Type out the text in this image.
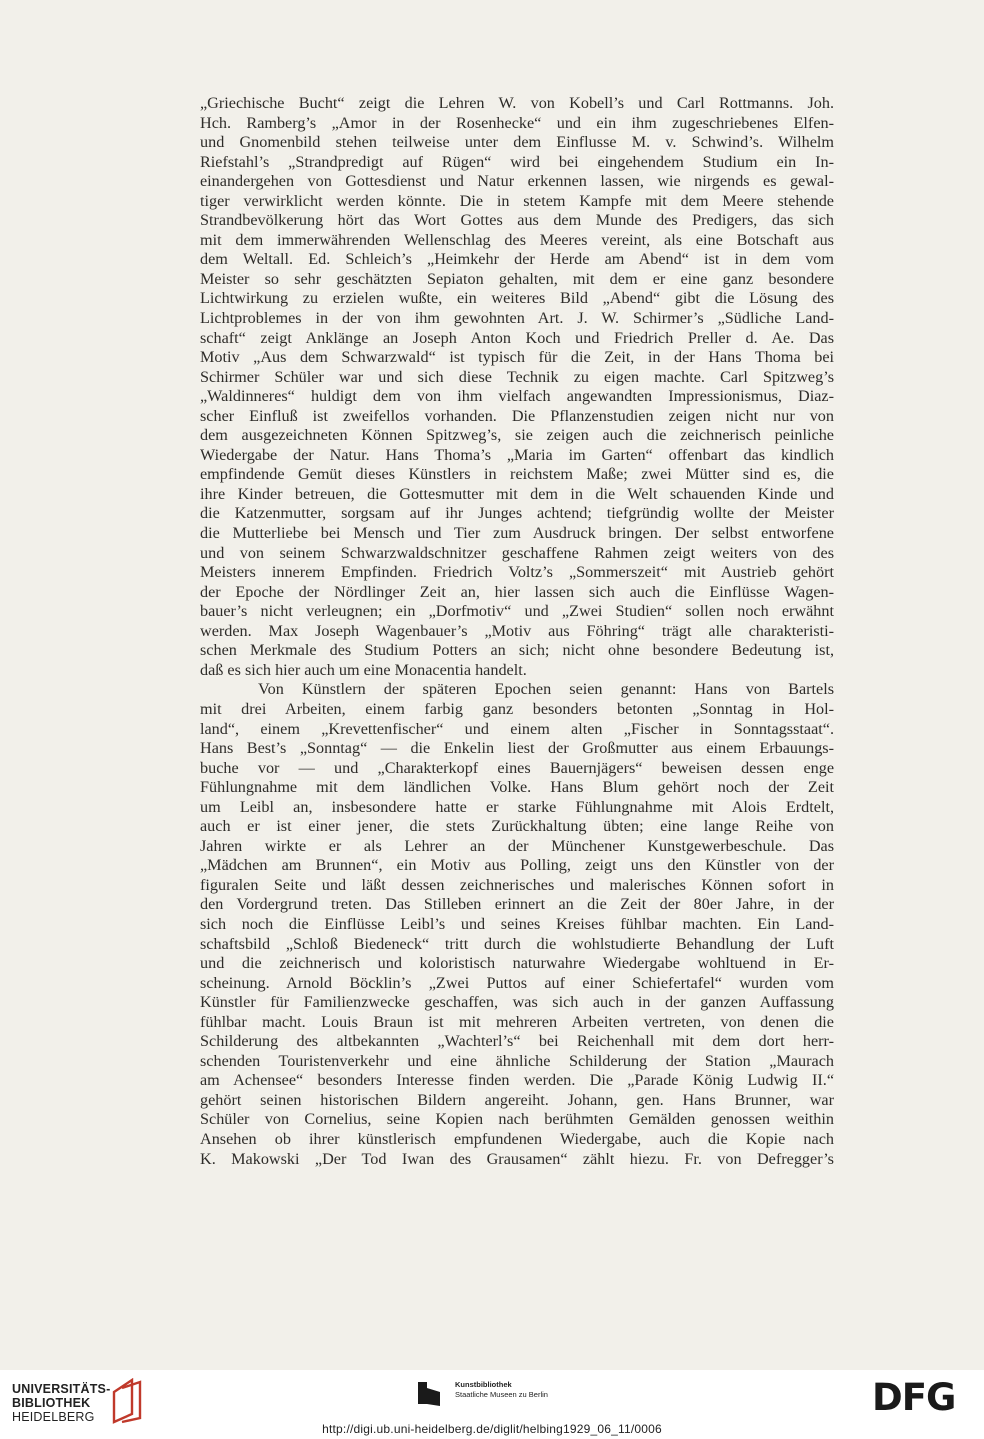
„Griechische Bucht“ zeigt die Lehren W. von Kobell’s und Carl Rottmanns. Joh.
Hch. Ramberg’s „Amor in der Rosenhecke“ und ein ihm zugeschriebenes Elfen-
und Gnomenbild stehen teilweise unter dem Einflusse M. v. Schwind’s. Wilhelm
Riefstahl’s „Strandpredigt auf Rügen“ wird bei eingehendem Studium ein In-
einandergehen von Gottesdienst und Natur erkennen lassen, wie nirgends es gewal-
tiger verwirklicht werden könnte. Die in stetem Kampfe mit dem Meere stehende
Strandbevölkerung hört das Wort Gottes aus dem Munde des Predigers, das sich
mit dem immerwährenden Wellenschlag des Meeres vereint, als eine Botschaft aus
dem Weltall. Ed. Schleich’s „Heimkehr der Herde am Abend“ ist in dem vom
Meister so sehr geschätzten Sepiaton gehalten, mit dem er eine ganz besondere
Lichtwirkung zu erzielen wußte, ein weiteres Bild „Abend“ gibt die Lösung des
Lichtproblemes in der von ihm gewohnten Art. J. W. Schirmer’s „Südliche Land-
schaft“ zeigt Anklänge an Joseph Anton Koch und Friedrich Preller d. Ae. Das
Motiv „Aus dem Schwarzwald“ ist typisch für die Zeit, in der Hans Thoma bei
Schirmer Schüler war und sich diese Technik zu eigen machte. Carl Spitzweg’s
„Waldinneres“ huldigt dem von ihm vielfach angewandten Impressionismus, Diaz-
scher Einfluß ist zweifellos vorhanden. Die Pflanzenstudien zeigen nicht nur von
dem ausgezeichneten Können Spitzweg’s, sie zeigen auch die zeichnerisch peinliche
Wiedergabe der Natur. Hans Thoma’s „Maria im Garten“ offenbart das kindlich
empfindende Gemüt dieses Künstlers in reichstem Maße; zwei Mütter sind es, die
ihre Kinder betreuen, die Gottesmutter mit dem in die Welt schauenden Kinde und
die Katzenmutter, sorgsam auf ihr Junges achtend; tiefgründig wollte der Meister
die Mutterliebe bei Mensch und Tier zum Ausdruck bringen. Der selbst entworfene
und von seinem Schwarzwaldschnitzer geschaffene Rahmen zeigt weiters von des
Meisters innerem Empfinden. Friedrich Voltz’s „Sommerszeit“ mit Austrieb gehört
der Epoche der Nördlinger Zeit an, hier lassen sich auch die Einflüsse Wagen-
bauer’s nicht verleugnen; ein „Dorfmotiv“ und „Zwei Studien“ sollen noch erwähnt
werden. Max Joseph Wagenbauer’s „Motiv aus Föhring“ trägt alle charakteristi-
schen Merkmale des Studium Potters an sich; nicht ohne besondere Bedeutung ist,
daß es sich hier auch um eine Monacentia handelt.
Von Künstlern der späteren Epochen seien genannt: Hans von Bartels
mit drei Arbeiten, einem farbig ganz besonders betonten „Sonntag in Hol-
land“, einem „Krevettenfischer“ und einem alten „Fischer in Sonntagsstaat“.
Hans Best’s „Sonntag“ — die Enkelin liest der Großmutter aus einem Erbauungs-
buche vor — und „Charakterkopf eines Bauernjägers“ beweisen dessen enge
Fühlungnahme mit dem ländlichen Volke. Hans Blum gehört noch der Zeit
um Leibl an, insbesondere hatte er starke Fühlungnahme mit Alois Erdtelt,
auch er ist einer jener, die stets Zurückhaltung übten; eine lange Reihe von
Jahren wirkte er als Lehrer an der Münchener Kunstgewerbeschule. Das
„Mädchen am Brunnen“, ein Motiv aus Polling, zeigt uns den Künstler von der
figuralen Seite und läßt dessen zeichnerisches und malerisches Können sofort in
den Vordergrund treten. Das Stilleben erinnert an die Zeit der 80er Jahre, in der
sich noch die Einflüsse Leibl’s und seines Kreises fühlbar machten. Ein Land-
schaftsbild „Schloß Biedeneck“ tritt durch die wohlstudierte Behandlung der Luft
und die zeichnerisch und koloristisch naturwahre Wiedergabe wohltuend in Er-
scheinung. Arnold Böcklin’s „Zwei Puttos auf einer Schiefertafel“ wurden vom
Künstler für Familienzwecke geschaffen, was sich auch in der ganzen Auffassung
fühlbar macht. Louis Braun ist mit mehreren Arbeiten vertreten, von denen die
Schilderung des altbekannten „Wachterl’s“ bei Reichenhall mit dem dort herr-
schenden Touristenverkehr und eine ähnliche Schilderung der Station „Maurach
am Achensee“ besonders Interesse finden werden. Die „Parade König Ludwig II.“
gehört seinen historischen Bildern angereiht. Johann, gen. Hans Brunner, war
Schüler von Cornelius, seine Kopien nach berühmten Gemälden genossen weithin
Ansehen ob ihrer künstlerisch empfundenen Wiedergabe, auch die Kopie nach
K. Makowski „Der Tod Iwan des Grausamen“ zählt hiezu. Fr. von Defregger’s
UNIVERSITÄTS-
BIBLIOTHEK
HEIDELBERG
Kunstbibliothek
Staatliche Museen zu Berlin	DFG
http://digi.ub.uni-heidelberg.de/diglit/helbing1929_06_11/0006
